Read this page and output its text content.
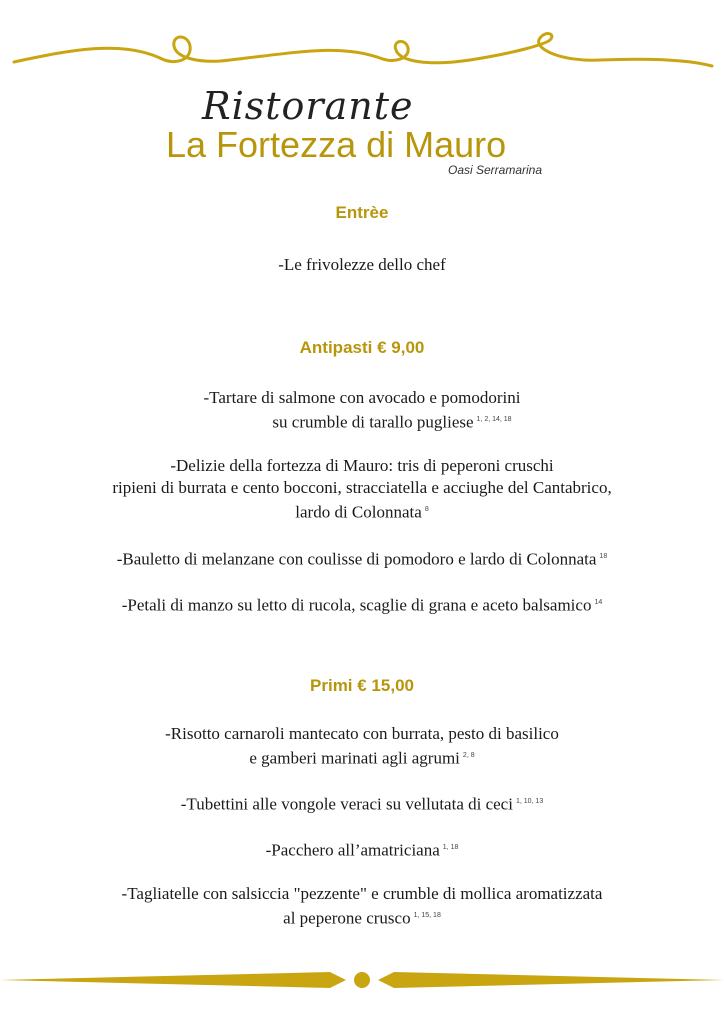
Ristorante
La Fortezza di Mauro
Oasi Serramarina
Entrèe
-Le frivolezze dello chef
Antipasti € 9,00
-Tartare di salmone con avocado e pomodorini
su crumble di tarallo pugliese $^{1, 2, 14, 18}$
-Delizie della fortezza di Mauro: tris di peperoni cruschi
ripieni di burrata e cento bocconi, stracciatella e acciughe del Cantabrico,
lardo di Colonnata $^8$
-Bauletto di melanzane con coulisse di pomodoro e lardo di Colonnata $^{18}$
-Petali di manzo su letto di rucola, scaglie di grana e aceto balsamico $^{14}$
Primi € 15,00
-Risotto carnaroli mantecato con burrata, pesto di basilico
e gamberi marinati agli agrumi $^{2, 8}$
-Tubettini alle vongole veraci su vellutata di ceci $^{1, 10, 13}$
-Pacchero all’amatriciana $^{1, 18}$
-Tagliatelle con salsiccia "pezzente" e crumble di mollica aromatizzata
al peperone crusco $^{1, 15, 18}$
